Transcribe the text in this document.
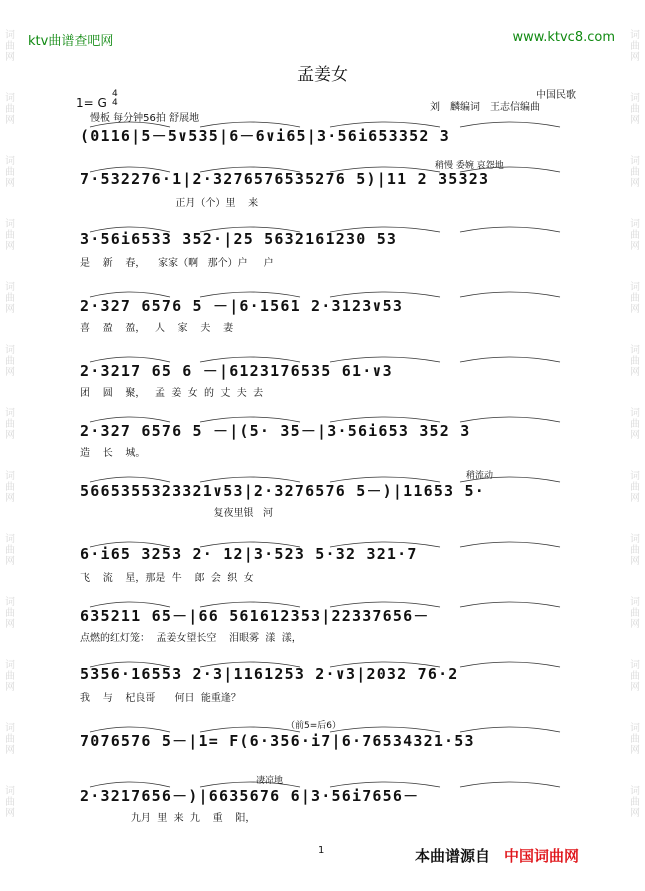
ktv曲谱查吧网	www.ktvc8.com
词曲网
词曲网
词曲网
词曲网
词曲网
词曲网
词曲网
词曲网
词曲网
词曲网
词曲网
词曲网
词曲网
词曲网
词曲网
词曲网
词曲网
词曲网
词曲网
词曲网
词曲网
词曲网
词曲网
词曲网
词曲网
词曲网
孟姜女
中国民歌
刘　麟编词　王志信编曲
1= G
4
4
慢板 每分钟56拍 舒展地
(0116|5－5∨535|6－6∨i65|3·56i653352 3
7·532276·1|2·3276576535276 5)|11 2 35323
正月（个）里    来
稍慢 委婉 哀怨地
3·56i6533 352·|25 5632161230 53
是    新    春，    家家（啊   那个）户     户
2·327 6576 5 －|6·1561 2·3123∨53
喜    盈    盈，   人    家    夫    妻
2·3217 65 6 －|6123176535 61·∨3
团    圆    聚，   孟  姜  女  的  丈  夫  去
2·327 6576 5 －|(5· 35－|3·56i653 352 3
造    长    城。
5665355323321∨53|2·3276576 5－)|11653 5·
复夜里银   河
稍流动
6·i65 3253 2· 12|3·523 5·32 321·7
飞    流    星，那是  牛    郎  会  织  女
635211 65－|66 561612353|22337656－
点燃的红灯笼：  孟姜女望长空    泪眼雾  漾  漾，
5356·16553 2·3|1161253 2·∨3|2032 76·2
我    与    杞良哥      何日  能重逢？
7076576 5－|1= F(6·356·i7|6·76534321·53
（前5=后6）
2·3217656－)|6635676 6|3·56i7656－
九月  里  来  九    重    阳，
凄凉地
1	本曲谱源自 中国词曲网
